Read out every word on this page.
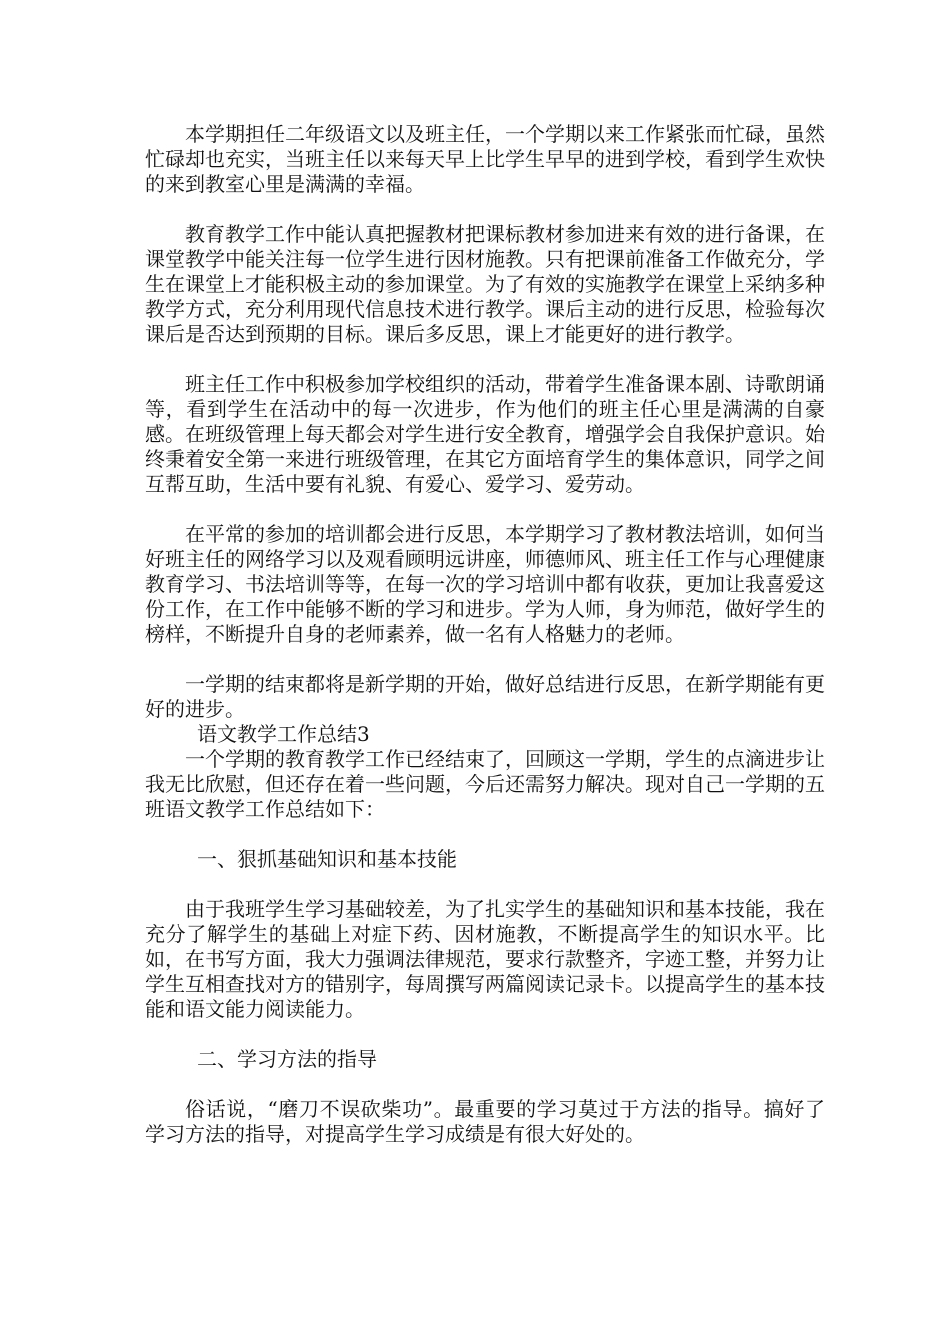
本学期担任二年级语文以及班主任，一个学期以来工作紧张而忙碌，虽然忙碌却也充实，当班主任以来每天早上比学生早早的进到学校，看到学生欢快的来到教室心里是满满的幸福。

教育教学工作中能认真把握教材把课标教材参加进来有效的进行备课，在课堂教学中能关注每一位学生进行因材施教。只有把课前准备工作做充分，学生在课堂上才能积极主动的参加课堂。为了有效的实施教学在课堂上采纳多种教学方式，充分利用现代信息技术进行教学。课后主动的进行反思，检验每次课后是否达到预期的目标。课后多反思，课上才能更好的进行教学。

班主任工作中积极参加学校组织的活动，带着学生准备课本剧、诗歌朗诵等，看到学生在活动中的每一次进步，作为他们的班主任心里是满满的自豪感。在班级管理上每天都会对学生进行安全教育，增强学会自我保护意识。始终秉着安全第一来进行班级管理，在其它方面培育学生的集体意识，同学之间互帮互助，生活中要有礼貌、有爱心、爱学习、爱劳动。

在平常的参加的培训都会进行反思，本学期学习了教材教法培训，如何当好班主任的网络学习以及观看顾明远讲座，师德师风、班主任工作与心理健康教育学习、书法培训等等，在每一次的学习培训中都有收获，更加让我喜爱这份工作，在工作中能够不断的学习和进步。学为人师，身为师范，做好学生的榜样，不断提升自身的老师素养，做一名有人格魅力的老师。

一学期的结束都将是新学期的开始，做好总结进行反思，在新学期能有更好的进步。

语文教学工作总结3

一个学期的教育教学工作已经结束了，回顾这一学期，学生的点滴进步让我无比欣慰，但还存在着一些问题，今后还需努力解决。现对自己一学期的五班语文教学工作总结如下：

一、狠抓基础知识和基本技能

由于我班学生学习基础较差，为了扎实学生的基础知识和基本技能，我在充分了解学生的基础上对症下药、因材施教，不断提高学生的知识水平。比如，在书写方面，我大力强调法律规范，要求行款整齐，字迹工整，并努力让学生互相查找对方的错别字，每周撰写两篇阅读记录卡。以提高学生的基本技能和语文能力阅读能力。

二、学习方法的指导

俗话说，“磨刀不误砍柴功”。最重要的学习莫过于方法的指导。搞好了学习方法的指导，对提高学生学习成绩是有很大好处的。
